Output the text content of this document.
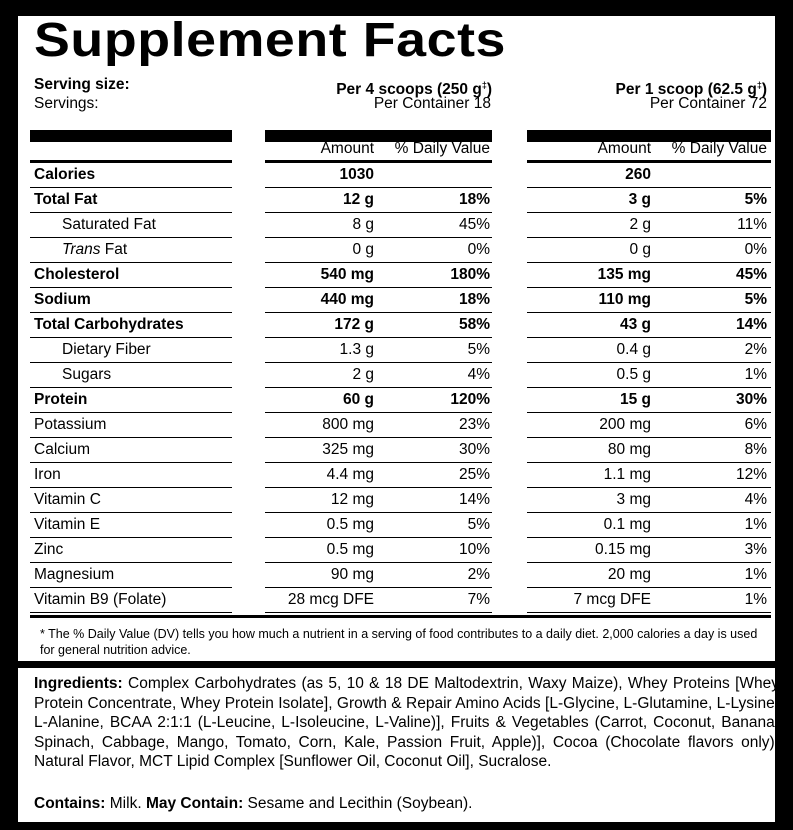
Supplement Facts
Serving size:
Servings:
Per 4 scoops (250 g‡)
Per Container 18
Per 1 scoop (62.5 g‡)
Per Container 72
Amount % Daily Value	Amount % Daily Value
Calories	1030	260
Total Fat	12 g	18%	3 g	5%
Saturated Fat	8 g	45%	2 g	11%
Trans Fat	0 g	0%	0 g	0%
Cholesterol	540 mg	180%	135 mg	45%
Sodium	440 mg	18%	110 mg	5%
Total Carbohydrates	172 g	58%	43 g	14%
Dietary Fiber	1.3 g	5%	0.4 g	2%
Sugars	2 g	4%	0.5 g	1%
Protein	60 g	120%	15 g	30%
Potassium	800 mg	23%	200 mg	6%
Calcium	325 mg	30%	80 mg	8%
Iron	4.4 mg	25%	1.1 mg	12%
Vitamin C	12 mg	14%	3 mg	4%
Vitamin E	0.5 mg	5%	0.1 mg	1%
Zinc	0.5 mg	10%	0.15 mg	3%
Magnesium	90 mg	2%	20 mg	1%
Vitamin B9 (Folate)	28 mcg DFE	7%	7 mcg DFE	1%
* The % Daily Value (DV) tells you how much a nutrient in a serving of food contributes to a daily diet. 2,000 calories a day is used for general nutrition advice.
Ingredients: Complex Carbohydrates (as 5, 10 & 18 DE Maltodextrin, Waxy Maize), Whey Proteins [Whey Protein Concentrate, Whey Protein Isolate], Growth & Repair Amino Acids [L-Glycine, L-Glutamine, L-Lysine, L-Alanine, BCAA 2:1:1 (L-Leucine, L-Isoleucine, L-Valine)], Fruits & Vegetables (Carrot, Coconut, Banana, Spinach, Cabbage, Mango, Tomato, Corn, Kale, Passion Fruit, Apple)], Cocoa (Chocolate flavors only), Natural Flavor, MCT Lipid Complex [Sunflower Oil, Coconut Oil], Sucralose.
Contains: Milk. May Contain: Sesame and Lecithin (Soybean).
